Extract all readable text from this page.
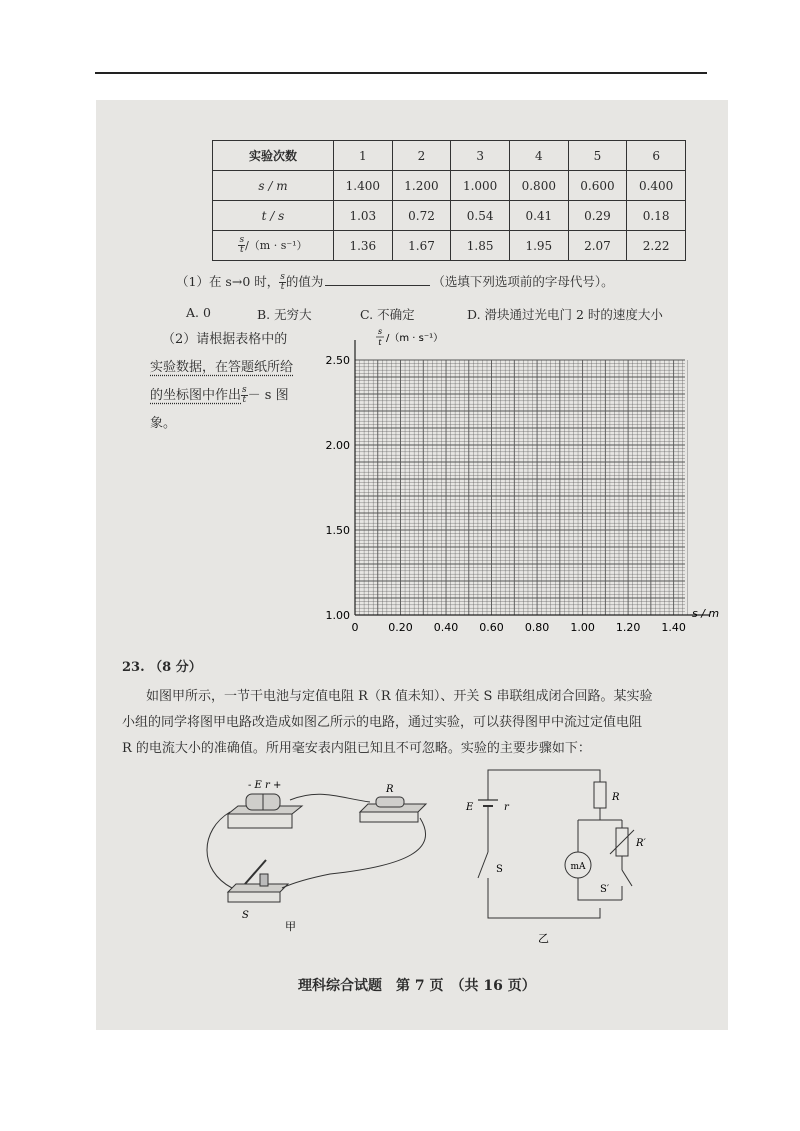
实验次数	1	2	3	4	5	6
s / m	1.400	1.200	1.000	0.800	0.600	0.400
t / s	1.03	0.72	0.54	0.41	0.29	0.18

$\frac{s}{t} /(m \cdot s^{-1})$	1.36	1.67	1.85	1.95	2.07	2.22
（1）在 s→0 时， $\frac{s}{t}$ 的值为	（选填下列选项前的字母代号）。
A. 0	B. 无穷大	C. 不确定	D. 滑块通过光电门 2 时的速度大小
（2）请根据表格中的
实验数据，在答题纸所给
的坐标图中作出 $\frac{s}{t} - s$ 图
象。
0	0.20 0.40 0.60 0.80 1.00 1.20 1.40
1.00
1.50
2.00
2.50
s / m
s
t /（m · s⁻¹）
23. （8 分）
如图甲所示，一节干电池与定值电阻 R（R 值未知）、开关 S 串联组成闭合回路。某实验
小组的同学将图甲电路改造成如图乙所示的电路，通过实验，可以获得图甲中流过定值电阻
R 的电流大小的准确值。所用毫安表内阻已知且不可忽略。实验的主要步骤如下：
- E r +	R
S
甲
E	r
R
R′
mA
S
S′
乙
理科综合试题　第 7 页　（共 16 页）
